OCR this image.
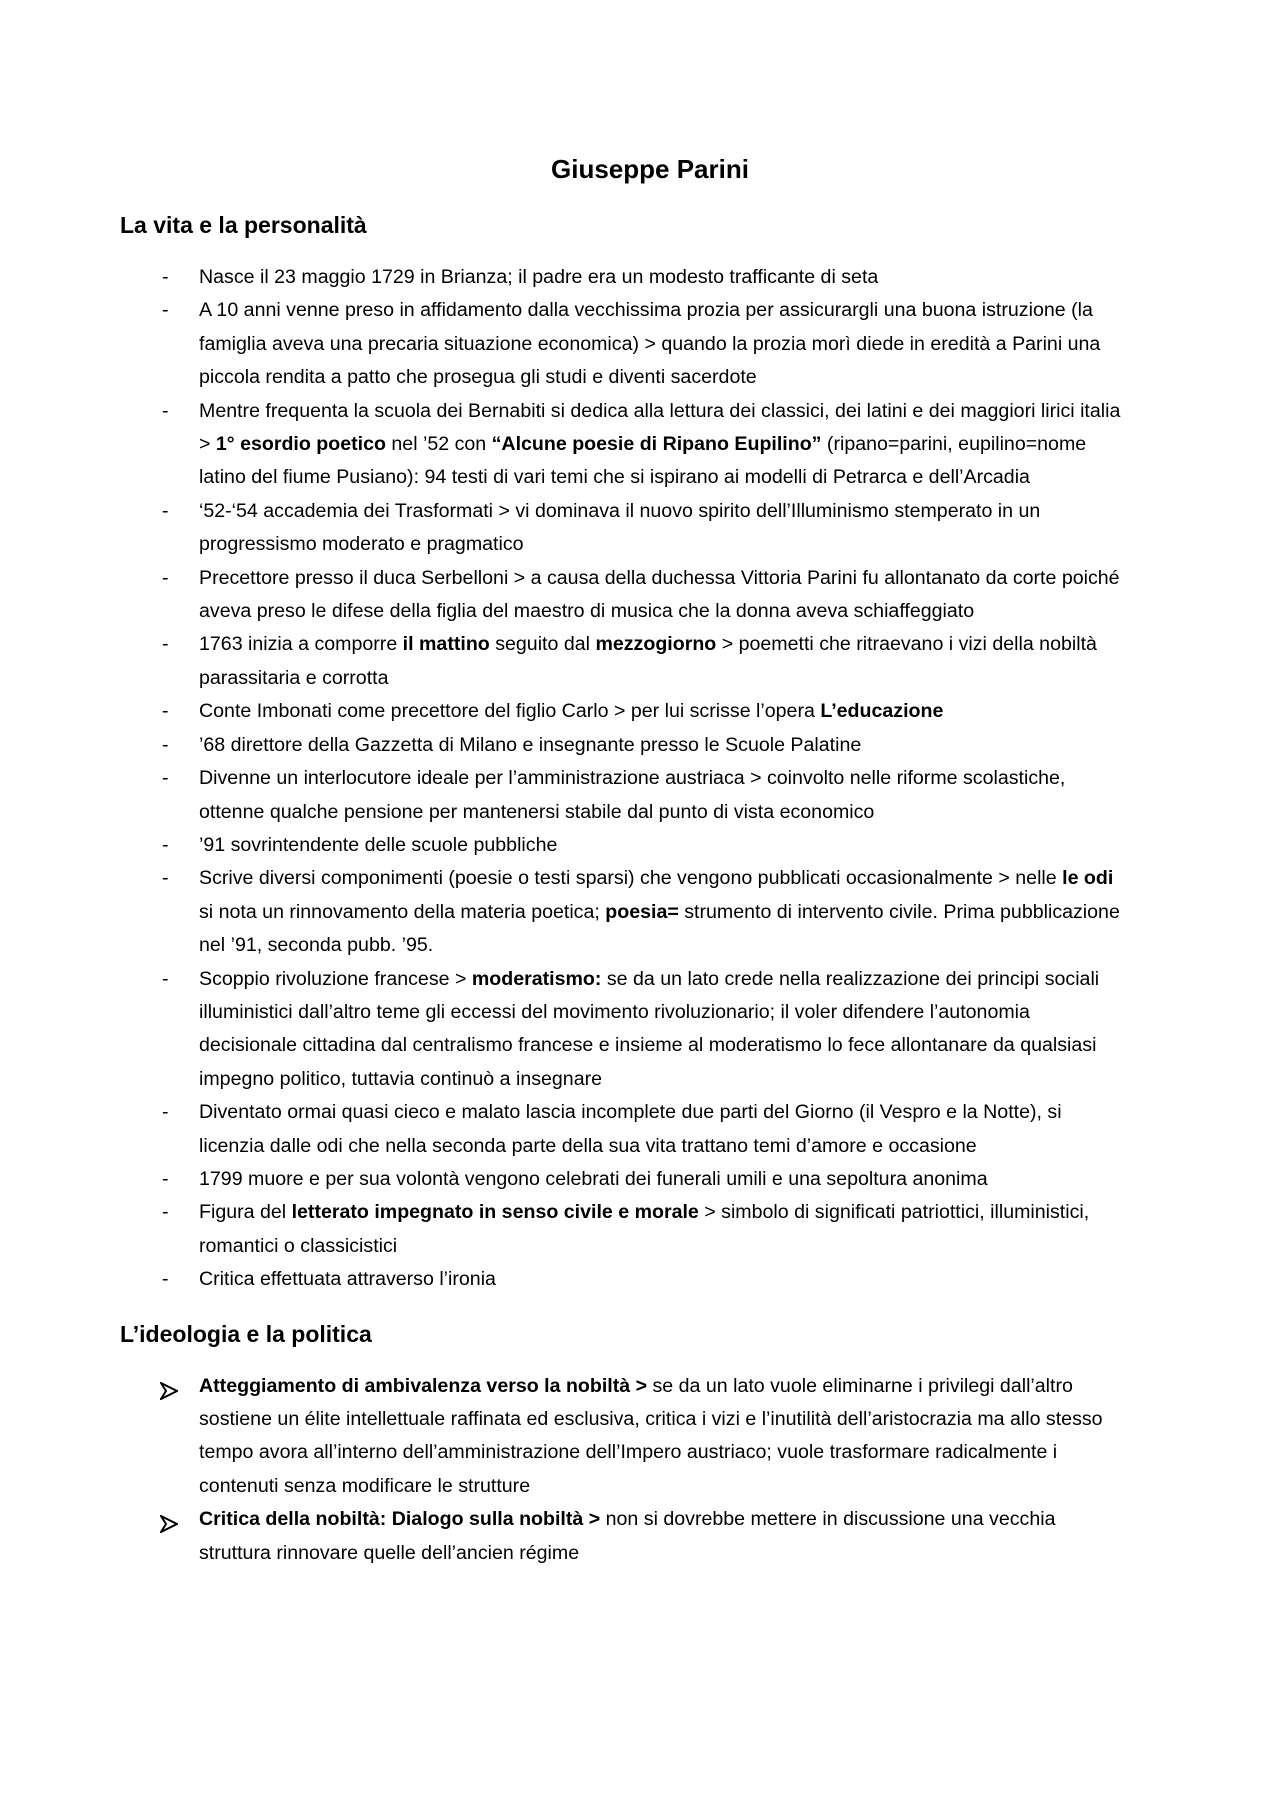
Giuseppe Parini
La vita e la personalità
- Nasce il 23 maggio 1729 in Brianza; il padre era un modesto trafficante di seta
- A 10 anni venne preso in affidamento dalla vecchissima prozia per assicurargli una buona istruzione (la famiglia aveva una precaria situazione economica) > quando la prozia morì diede in eredità a Parini una piccola rendita a patto che prosegua gli studi e diventi sacerdote
- Mentre frequenta la scuola dei Bernabiti si dedica alla lettura dei classici, dei latini e dei maggiori lirici italia > 1° esordio poetico nel ’52 con “Alcune poesie di Ripano Eupilino” (ripano=parini, eupilino=nome latino del fiume Pusiano): 94 testi di vari temi che si ispirano ai modelli di Petrarca e dell’Arcadia
- ‘52-‘54 accademia dei Trasformati > vi dominava il nuovo spirito dell’Illuminismo stemperato in un progressismo moderato e pragmatico
- Precettore presso il duca Serbelloni > a causa della duchessa Vittoria Parini fu allontanato da corte poiché aveva preso le difese della figlia del maestro di musica che la donna aveva schiaffeggiato
- 1763 inizia a comporre il mattino seguito dal mezzogiorno > poemetti che ritraevano i vizi della nobiltà parassitaria e corrotta
- Conte Imbonati come precettore del figlio Carlo > per lui scrisse l’opera L’educazione
- ’68 direttore della Gazzetta di Milano e insegnante presso le Scuole Palatine
- Divenne un interlocutore ideale per l’amministrazione austriaca > coinvolto nelle riforme scolastiche, ottenne qualche pensione per mantenersi stabile dal punto di vista economico
- ’91 sovrintendente delle scuole pubbliche
- Scrive diversi componimenti (poesie o testi sparsi) che vengono pubblicati occasionalmente > nelle le odi si nota un rinnovamento della materia poetica; poesia= strumento di intervento civile. Prima pubblicazione nel ’91, seconda pubb. ’95.
- Scoppio rivoluzione francese > moderatismo: se da un lato crede nella realizzazione dei principi sociali illuministici dall’altro teme gli eccessi del movimento rivoluzionario; il voler difendere l’autonomia decisionale cittadina dal centralismo francese e insieme al moderatismo lo fece allontanare da qualsiasi impegno politico, tuttavia continuò a insegnare
- Diventato ormai quasi cieco e malato lascia incomplete due parti del Giorno (il Vespro e la Notte), si licenzia dalle odi che nella seconda parte della sua vita trattano temi d’amore e occasione
- 1799 muore e per sua volontà vengono celebrati dei funerali umili e una sepoltura anonima
- Figura del letterato impegnato in senso civile e morale > simbolo di significati patriottici, illuministici, romantici o classicistici
- Critica effettuata attraverso l’ironia
L’ideologia e la politica
Atteggiamento di ambivalenza verso la nobiltà > se da un lato vuole eliminarne i privilegi dall’altro sostiene un élite intellettuale raffinata ed esclusiva, critica i vizi e l’inutilità dell’aristocrazia ma allo stesso tempo avora all’interno dell’amministrazione dell’Impero austriaco; vuole trasformare radicalmente i contenuti senza modificare le strutture
Critica della nobiltà: Dialogo sulla nobiltà > non si dovrebbe mettere in discussione una vecchia struttura rinnovare quelle dell’ancien régime
